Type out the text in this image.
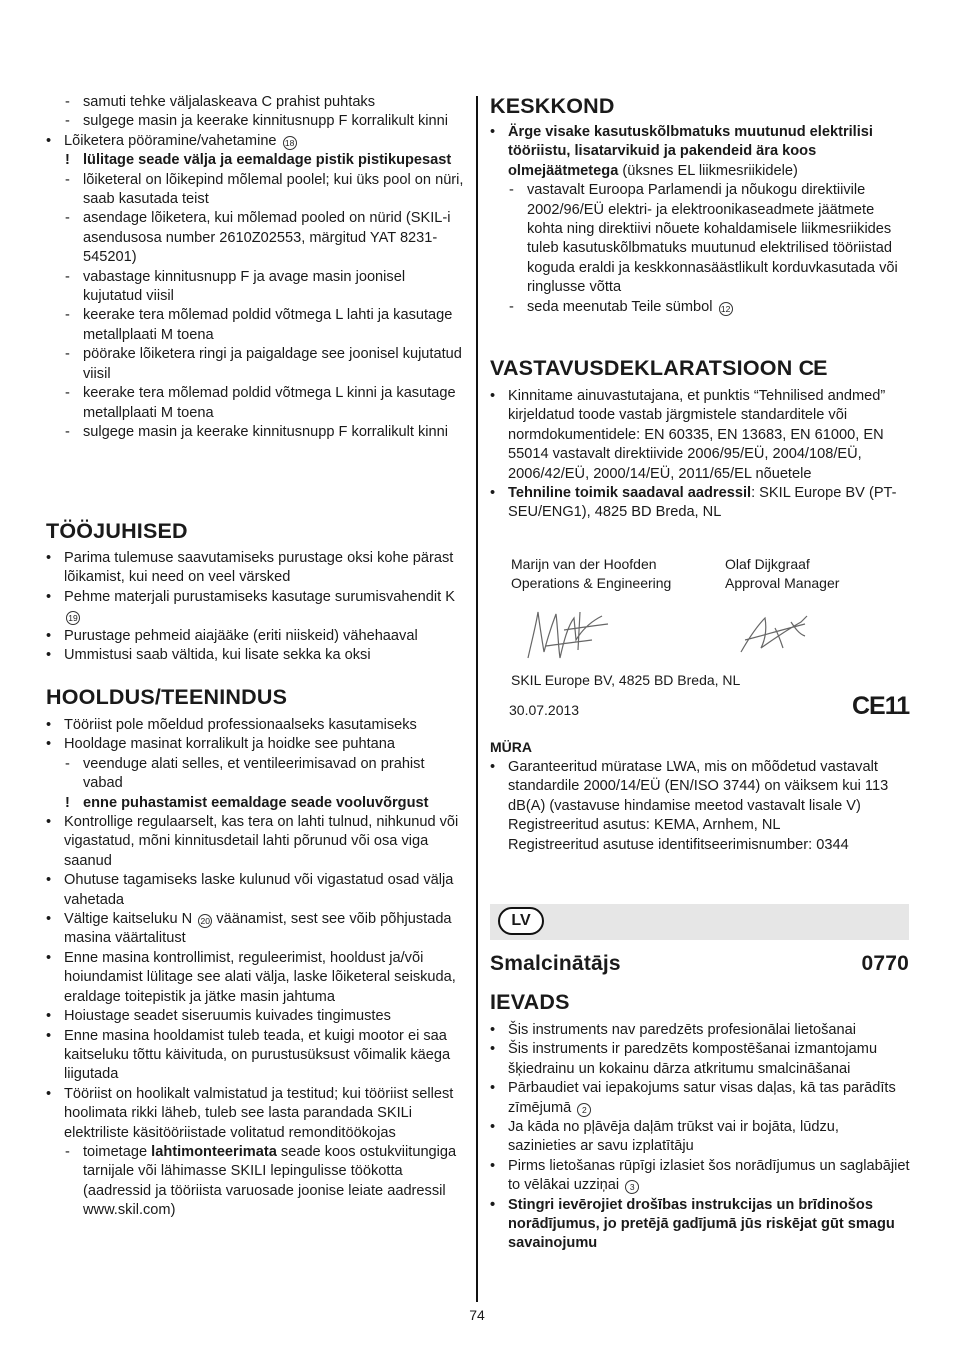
- samuti tehke väljalaskeava C prahist puhtaks
- sulgege masin ja keerake kinnitusnupp F korralikult kinni
• Lõiketera pööramine/vahetamine 18
! lülitage seade välja ja eemaldage pistik pistikupesast
- lõiketeral on lõikepind mõlemal poolel; kui üks pool on nüri, saab kasutada teist
- asendage lõiketera, kui mõlemad pooled on nürid (SKIL-i asendusosa number 2610Z02553, märgitud YAT 8231-545201)
- vabastage kinnitusnupp F ja avage masin joonisel kujutatud viisil
- keerake tera mõlemad poldid võtmega L lahti ja kasutage metallplaati M toena
- pöörake lõiketera ringi ja paigaldage see joonisel kujutatud viisil
- keerake tera mõlemad poldid võtmega L kinni ja kasutage metallplaati M toena
- sulgege masin ja keerake kinnitusnupp F korralikult kinni
TÖÖJUHISED
• Parima tulemuse saavutamiseks purustage oksi kohe pärast lõikamist, kui need on veel värsked
• Pehme materjali purustamiseks kasutage surumisvahendit K 19
• Purustage pehmeid aiajääke (eriti niiskeid) vähehaaval
• Ummistusi saab vältida, kui lisate sekka ka oksi
HOOLDUS/TEENINDUS
• Tööriist pole mõeldud professionaalseks kasutamiseks
• Hooldage masinat korralikult ja hoidke see puhtana
- veenduge alati selles, et ventileerimisavad on prahist vabad
! enne puhastamist eemaldage seade vooluvõrgust
• Kontrollige regulaarselt, kas tera on lahti tulnud, nihkunud või vigastatud, mõni kinnitusdetail lahti põrunud või osa viga saanud
• Ohutuse tagamiseks laske kulunud või vigastatud osad välja vahetada
• Vältige kaitseluku N 20 väänamist, sest see võib põhjustada masina väärtalitust
• Enne masina kontrollimist, reguleerimist, hooldust ja/või hoiundamist lülitage see alati välja, laske lõiketeral seiskuda, eraldage toitepistik ja jätke masin jahtuma
• Hoiustage seadet siseruumis kuivades tingimustes
• Enne masina hooldamist tuleb teada, et kuigi moot​or ei saa kaitseluku tõttu käivituda, on purustusüksust võimalik käega liigutada
• Tööriist on hoolikalt valmistatud ja testitud; kui tööriist sellest hoolimata rikki läheb, tuleb see lasta parandada SKILi elektriliste käsitööriistade volitatud remonditöökojas
- toimetage lahtimonteerimata seade koos ostukviitungiga tarnijale või lähimasse SKILI lepingulisse töökotta (aadressid ja tööriista varuosade joonise leiate aadressil www.skil.com)
KESKKOND
• Ärge visake kasutuskõlbmatuks muutunud elektrilisi tööriistu, lisatarvikuid ja pakendeid ära koos olmejäätmetega (üksnes EL liikmesriikidele)
- vastavalt Euroopa Parlamendi ja nõukogu direktiivile 2002/96/EÜ elektri- ja elektroonikaseadmete jäätmete kohta ning direktiivi nõuete kohaldamisele liikmesriikides tuleb kasutuskõlbmatuks muutunud elektrilised tööriistad koguda eraldi ja keskkonnasäästlikult korduvkasutada või ringlusse võtta
- seda meenutab Teile sümbol 12
VASTAVUSDEKLARATSIOON CE
• Kinnitame ainuvastutajana, et punktis “Tehnilised andmed” kirjeldatud toode vastab järgmistele standarditele või normdokumentidele: EN 60335, EN 13683, EN 61000, EN 55014 vastavalt direktiivide 2006/95/EÜ, 2004/108/EÜ, 2006/42/EÜ, 2000/14/EÜ, 2011/65/EL nõuetele
• Tehniline toimik saadaval aadressil: SKIL Europe BV (PT-SEU/ENG1), 4825 BD Breda, NL
Marijn van der Hoofden
Operations & Engineering
Olaf Dijkgraaf
Approval Manager
SKIL Europe BV, 4825 BD Breda, NL
30.07.2013	CE11
MÜRA
• Garanteeritud müratase LWA, mis on mõõdetud vastavalt standardile 2000/14/EÜ (EN/ISO 3744) on väiksem kui 113 dB(A) (vastavuse hindamise meetod vastavalt lisale V)
Registreeritud asutus: KEMA, Arnhem, NL
Registreeritud asutuse identifitseerimisnumber: 0344
LV
Smalcinātājs	0770
IEVADS
• Šis instruments nav paredzēts profesionālai lietošanai
• Šis instruments ir paredzēts kompostēšanai izmantojamu šķiedrainu un kokainu dārza atkritumu smalcināšanai
• Pārbaudiet vai iepakojums satur visas daļas, kā tas parādīts zīmējumā 2
• Ja kāda no pļāvēja daļām trūkst vai ir bojāta, lūdzu, sazinieties ar savu izplatītāju
• Pirms lietošanas rūpīgi izlasiet šos norādījumus un saglabājiet to vēlākai uzziņai 3
• Stingri ievērojiet drošības instrukcijas un brīdinošos norādījumus, jo pretējā gadījumā jūs riskējat gūt smagu savainojumu
74
